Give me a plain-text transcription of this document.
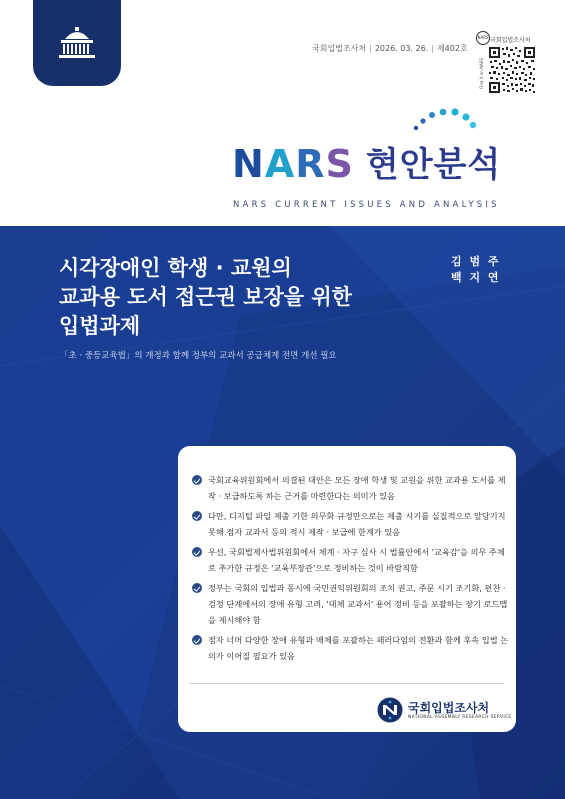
국회입법조사처 | 2026. 03. 26. | 제402호
NARS 국회입법조사처
Find it on NARS
NARS 현안분석
NARS CURRENT ISSUES AND ANALYSIS
시각장애인 학생 · 교원의
교과용 도서 접근권 보장을 위한
입법과제
김 범 주
백 지 연
「초 · 중등교육법」의 개정과 함께 정부의 교과서 공급체계 전면 개선 필요
국회교육위원회에서 의결된 대안은 모든 장애 학생 및 교원을 위한 교과용 도서를 제작 · 보급하도록 하는 근거를 마련한다는 의미가 있음
다만, 디지털 파일 제출 기한 의무화 규정만으로는 제출 시기를 실질적으로 앞당기지 못해 점자 교과서 등의 적시 제작 · 보급에 한계가 있음
우선, 국회법제사법위원회에서 체계 · 자구 심사 시 법률안에서 '교육감'을 의무 주체로 추가한 규정은 '교육부장관'으로 정비하는 것이 바람직함
정부는 국회의 입법과 동시에 국민권익위원회의 조치 권고, 주문 시기 조기화, 편찬 · 검정 단계에서의 장애 유형 고려, '대체 교과서' 용어 정비 등을 포괄하는 장기 로드맵을 제시해야 함
점자 너머 다양한 장애 유형과 매체를 포괄하는 패러다임의 전환과 함께 후속 입법 논의가 이어질 필요가 있음
국회입법조사처
NATIONAL ASSEMBLY RESEARCH SERVICE
